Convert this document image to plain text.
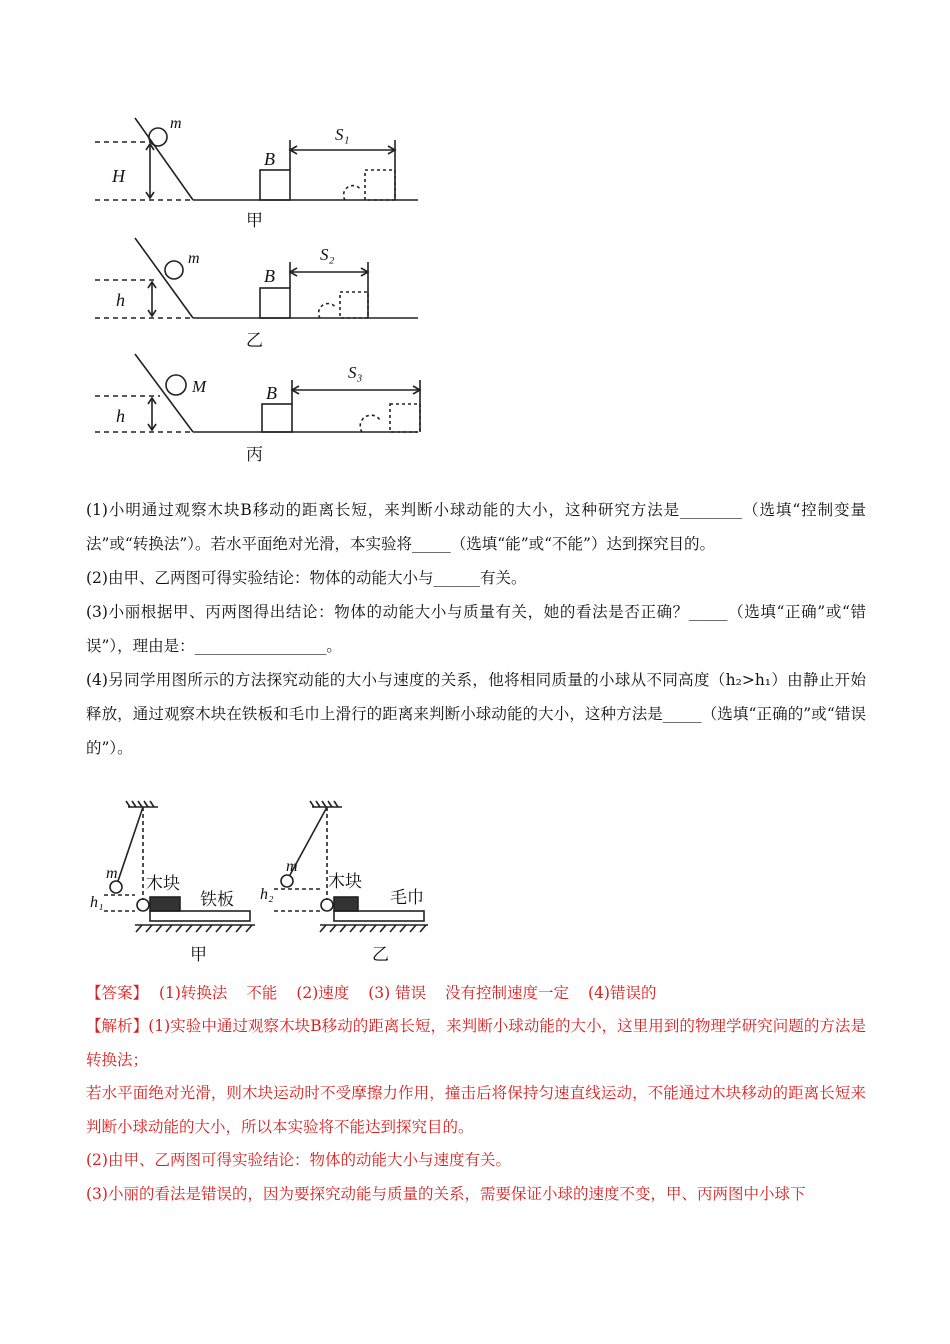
m
H
B
S₁
甲
m
h
B
S₂
乙
M
h
B
S₃
丙

(1)小明通过观察木块B移动的距离长短，来判断小球动能的大小，这种研究方法是________（选填“控制变量法”或“转换法”）。若水平面绝对光滑，本实验将_____（选填“能”或“不能”）达到探究目的。

(2)由甲、乙两图可得实验结论：物体的动能大小与______有关。

(3)小丽根据甲、丙两图得出结论：物体的动能大小与质量有关，她的看法是否正确？_____（选填“正确”或“错误”），理由是：_________________。

(4)另同学用图所示的方法探究动能的大小与速度的关系，他将相同质量的小球从不同高度（h₂>h₁）由静止开始释放，通过观察木块在铁板和毛巾上滑行的距离来判断小球动能的大小，这种方法是_____（选填“正确的”或“错误的”）。

m
h₁
木块
铁板
甲
m
h₂
木块
毛巾
乙
【答案】 (1)转换法 不能 (2)速度 (3) 错误 没有控制速度一定 (4)错误的

【解析】(1)实验中通过观察木块B移动的距离长短，来判断小球动能的大小，这里用到的物理学研究问题的方法是转换法；

若水平面绝对光滑，则木块运动时不受摩擦力作用，撞击后将保持匀速直线运动，不能通过木块移动的距离长短来判断小球动能的大小，所以本实验将不能达到探究目的。

(2)由甲、乙两图可得实验结论：物体的动能大小与速度有关。

(3)小丽的看法是错误的，因为要探究动能与质量的关系，需要保证小球的速度不变，甲、丙两图中小球下
